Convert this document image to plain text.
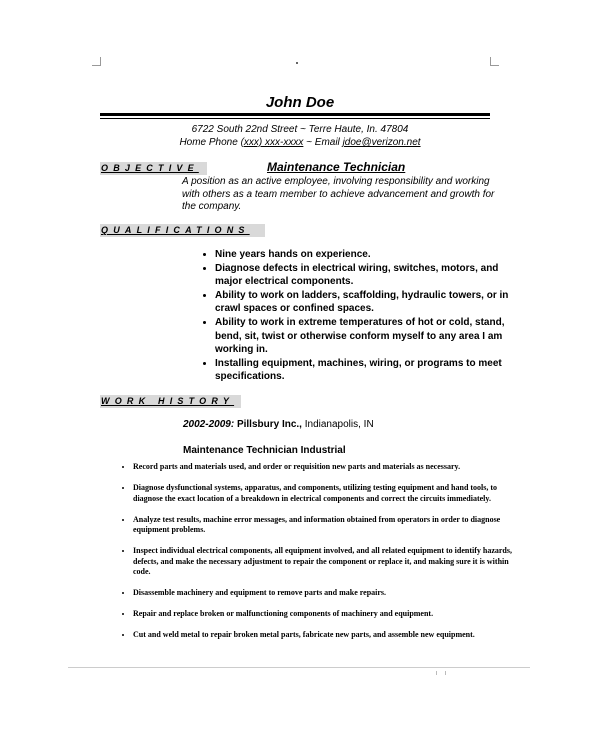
John Doe
6722 South 22nd Street ~ Terre Haute, In. 47804
Home Phone (xxx) xxx-xxxx ~ Email jdoe@verizon.net
OBJECTIVE	Maintenance Technician
A position as an active employee, involving responsibility and working with others as a team member to achieve advancement and growth for the company.
QUALIFICATIONS
• Nine years hands on experience.
• Diagnose defects in electrical wiring, switches, motors, and major electrical components.
• Ability to work on ladders, scaffolding, hydraulic towers, or in crawl spaces or confined spaces.
• Ability to work in extreme temperatures of hot or cold, stand, bend, sit, twist or otherwise conform myself to any area I am working in.
• Installing equipment, machines, wiring, or programs to meet specifications.
WORK HISTORY
2002-2009: Pillsbury Inc., Indianapolis, IN
Maintenance Technician Industrial
• Record parts and materials used, and order or requisition new parts and materials as necessary.
• Diagnose dysfunctional systems, apparatus, and components, utilizing testing equipment and hand tools, to diagnose the exact location of a breakdown in electrical components and correct the circuits immediately.
• Analyze test results, machine error messages, and information obtained from operators in order to diagnose equipment problems.
• Inspect individual electrical components, all equipment involved, and all related equipment to identify hazards, defects, and make the necessary adjustment to repair the component or replace it, and making sure it is within code.
• Disassemble machinery and equipment to remove parts and make repairs.
• Repair and replace broken or malfunctioning components of machinery and equipment.
• Cut and weld metal to repair broken metal parts, fabricate new parts, and assemble new equipment.
